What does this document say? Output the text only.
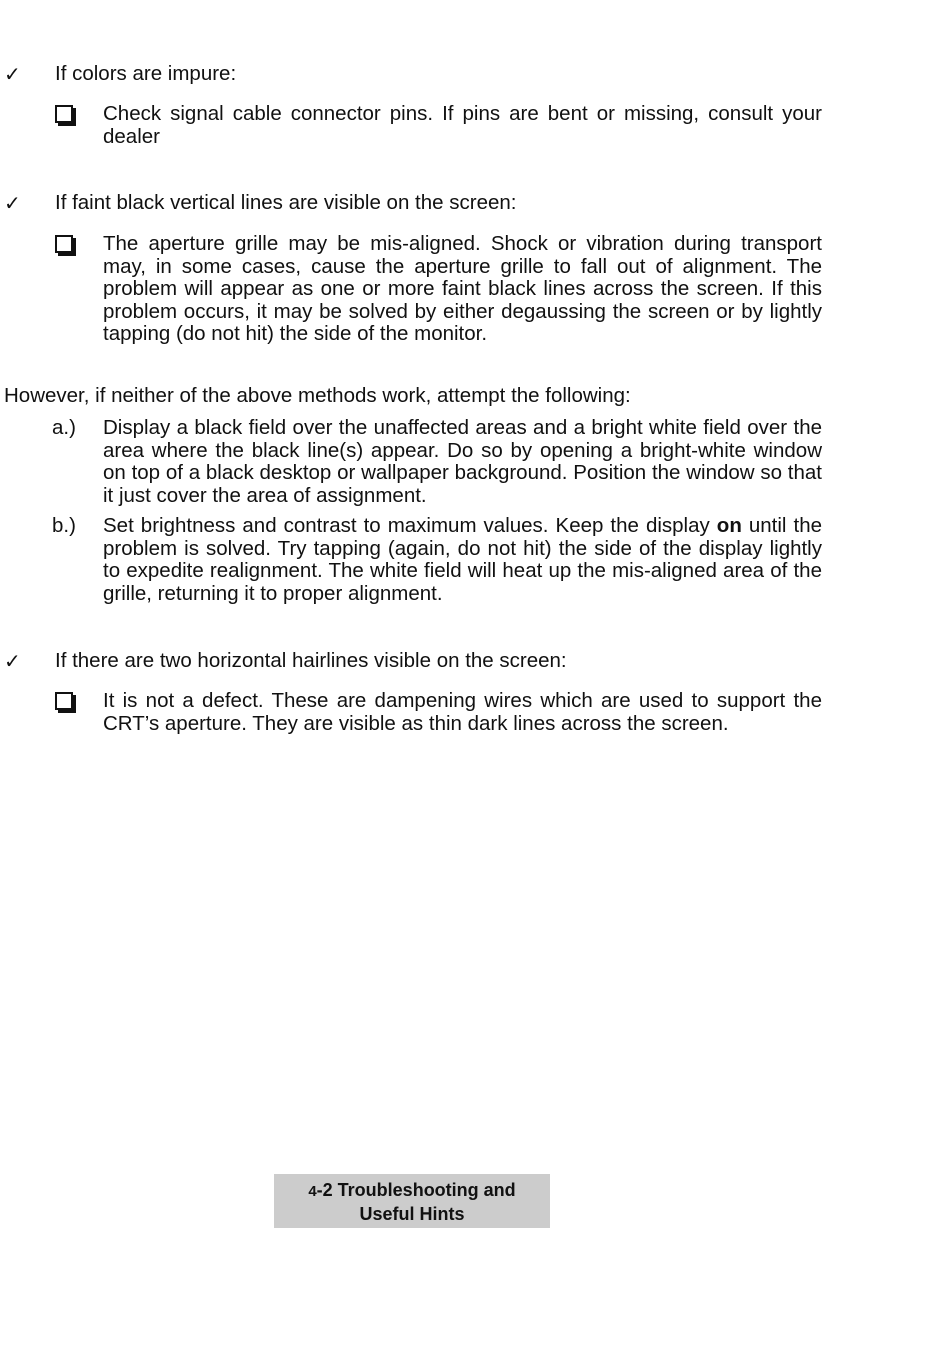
✓ If colors are impure:
Check signal cable connector pins. If pins are bent or missing, consult your dealer
✓ If faint black vertical lines are visible on the screen:
The aperture grille may be mis-aligned. Shock or vibration during transport may, in some cases, cause the aperture grille to fall out of alignment. The problem will appear as one or more faint black lines across the screen. If this problem occurs, it may be solved by either degaussing the screen or by lightly tapping (do not hit) the side of the monitor.
However, if neither of the above methods work, attempt the following:
a.) Display a black field over the unaffected areas and a bright white field over the area where the black line(s) appear. Do so by opening a bright-white window on top of a black desktop or wallpaper background. Position the window so that it just cover the area of assignment.
b.) Set brightness and contrast to maximum values. Keep the display on until the problem is solved. Try tapping (again, do not hit) the side of the display lightly to expedite realignment. The white field will heat up the mis-aligned area of the grille, returning it to proper alignment.
✓ If there are two horizontal hairlines visible on the screen:
It is not a defect. These are dampening wires which are used to support the CRT’s aperture. They are visible as thin dark lines across the screen.
4-2 Troubleshooting and
Useful Hints
